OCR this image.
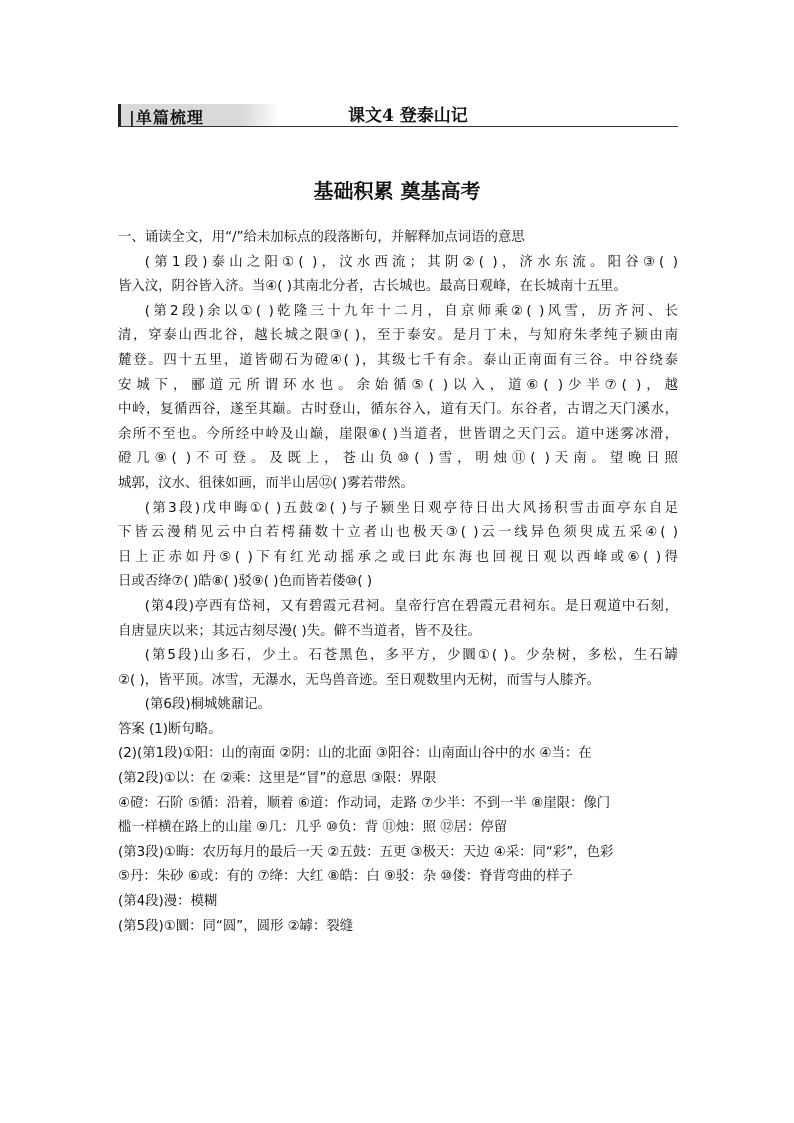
|单篇梳理	课文4 登泰山记
基础积累 奠基高考

一、诵读全文，用“/”给未加标点的段落断句，并解释加点词语的意思

(第1段)泰山之阳①( )，汶水西流；其阴②( )，济水东流。阳谷③( )

皆入汶，阴谷皆入济。当④( )其南北分者，古长城也。最高日观峰，在长城南十五里。

(第2段)余以①( )乾隆三十九年十二月，自京师乘②( )风雪，历齐河、长

清，穿泰山西北谷，越长城之限③( )，至于泰安。是月丁未，与知府朱孝纯子颍由南

麓登。四十五里，道皆砌石为磴④( )，其级七千有余。泰山正南面有三谷。中谷绕泰

安城下，郦道元所谓环水也。余始循⑤( )以入，道⑥( )少半⑦( )，越

中岭，复循西谷，遂至其巅。古时登山，循东谷入，道有天门。东谷者，古谓之天门溪水，

余所不至也。今所经中岭及山巅，崖限⑧( )当道者，世皆谓之天门云。道中迷雾冰滑，

磴几⑨( )不可登。及既上，苍山负⑩( )雪，明烛⑪( )天南。望晚日照

城郭，汶水、徂徕如画，而半山居⑫( )雾若带然。

(第3段)戊申晦①( )五鼓②( )与子颍坐日观亭待日出大风扬积雪击面亭东自足

下皆云漫稍见云中白若樗蒱数十立者山也极天③( )云一线异色须臾成五采④( )

日上正赤如丹⑤( )下有红光动摇承之或曰此东海也回视日观以西峰或⑥( )得

日或否绛⑦( )皓⑧( )驳⑨( )色而皆若偻⑩( )

(第4段)亭西有岱祠，又有碧霞元君祠。皇帝行宫在碧霞元君祠东。是日观道中石刻，

自唐显庆以来；其远古刻尽漫( )失。僻不当道者，皆不及往。

(第5段)山多石，少土。石苍黑色，多平方，少圜①( )。少杂树，多松，生石罅

②( )，皆平顶。冰雪，无瀑水，无鸟兽音迹。至日观数里内无树，而雪与人膝齐。

(第6段)桐城姚鼐记。

答案 (1)断句略。

(2)(第1段)①阳：山的南面 ②阴：山的北面 ③阳谷：山南面山谷中的水 ④当：在

(第2段)①以：在 ②乘：这里是“冒”的意思 ③限：界限

④磴：石阶 ⑤循：沿着，顺着 ⑥道：作动词，走路 ⑦少半：不到一半 ⑧崖限：像门

槛一样横在路上的山崖 ⑨几：几乎 ⑩负：背 ⑪烛：照 ⑫居：停留

(第3段)①晦：农历每月的最后一天 ②五鼓：五更 ③极天：天边 ④采：同“彩”，色彩

⑤丹：朱砂 ⑥或：有的 ⑦绛：大红 ⑧皓：白 ⑨驳：杂 ⑩偻：脊背弯曲的样子

(第4段)漫：模糊

(第5段)①圜：同“圆”，圆形 ②罅：裂缝
